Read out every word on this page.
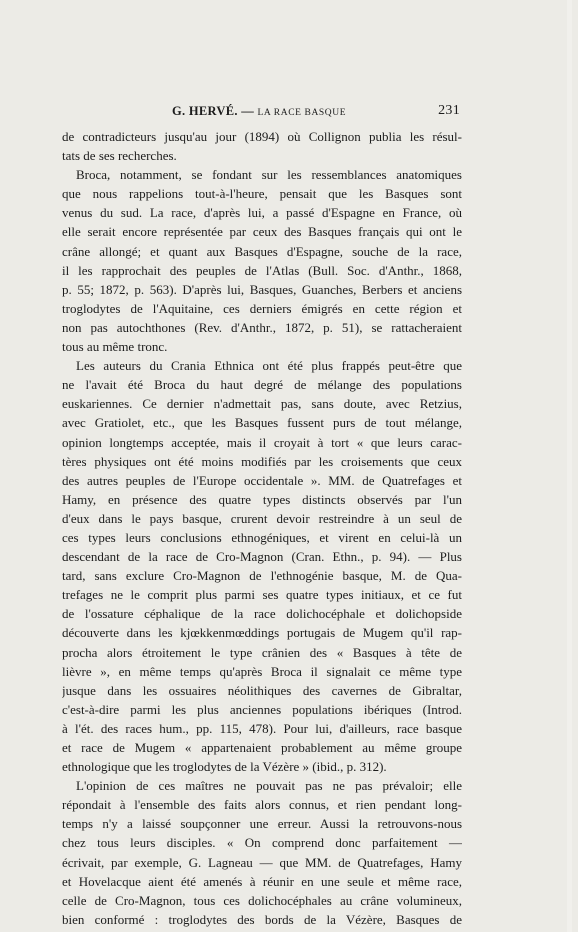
G. HERVÉ. — LA RACE BASQUE	231
de contradicteurs jusqu'au jour (1894) où Collignon publia les résul-
tats de ses recherches.
Broca, notamment, se fondant sur les ressemblances anatomiques
que nous rappelions tout-à-l'heure, pensait que les Basques sont
venus du sud. La race, d'après lui, a passé d'Espagne en France, où
elle serait encore représentée par ceux des Basques français qui ont le
crâne allongé; et quant aux Basques d'Espagne, souche de la race,
il les rapprochait des peuples de l'Atlas (Bull. Soc. d'Anthr., 1868,
p. 55; 1872, p. 563). D'après lui, Basques, Guanches, Berbers et anciens
troglodytes de l'Aquitaine, ces derniers émigrés en cette région et
non pas autochthones (Rev. d'Anthr., 1872, p. 51), se rattacheraient
tous au même tronc.
Les auteurs du Crania Ethnica ont été plus frappés peut-être que
ne l'avait été Broca du haut degré de mélange des populations
euskariennes. Ce dernier n'admettait pas, sans doute, avec Retzius,
avec Gratiolet, etc., que les Basques fussent purs de tout mélange,
opinion longtemps acceptée, mais il croyait à tort « que leurs carac-
tères physiques ont été moins modifiés par les croisements que ceux
des autres peuples de l'Europe occidentale ». MM. de Quatrefages et
Hamy, en présence des quatre types distincts observés par l'un
d'eux dans le pays basque, crurent devoir restreindre à un seul de
ces types leurs conclusions ethnogéniques, et virent en celui-là un
descendant de la race de Cro-Magnon (Cran. Ethn., p. 94). — Plus
tard, sans exclure Cro-Magnon de l'ethnogénie basque, M. de Qua-
trefages ne le comprit plus parmi ses quatre types initiaux, et ce fut
de l'ossature céphalique de la race dolichocéphale et dolichopside
découverte dans les kjœkkenmœddings portugais de Mugem qu'il rap-
procha alors étroitement le type crânien des « Basques à tête de
lièvre », en même temps qu'après Broca il signalait ce même type
jusque dans les ossuaires néolithiques des cavernes de Gibraltar,
c'est-à-dire parmi les plus anciennes populations ibériques (Introd.
à l'ét. des races hum., pp. 115, 478). Pour lui, d'ailleurs, race basque
et race de Mugem « appartenaient probablement au même groupe
ethnologique que les troglodytes de la Vézère » (ibid., p. 312).
L'opinion de ces maîtres ne pouvait pas ne pas prévaloir; elle
répondait à l'ensemble des faits alors connus, et rien pendant long-
temps n'y a laissé soupçonner une erreur. Aussi la retrouvons-nous
chez tous leurs disciples. « On comprend donc parfaitement —
écrivait, par exemple, G. Lagneau — que MM. de Quatrefages, Hamy
et Hovelacque aient été amenés à réunir en une seule et même race,
celle de Cro-Magnon, tous ces dolichocéphales au crâne volumineux,
bien conformé : troglodytes des bords de la Vézère, Basques de
